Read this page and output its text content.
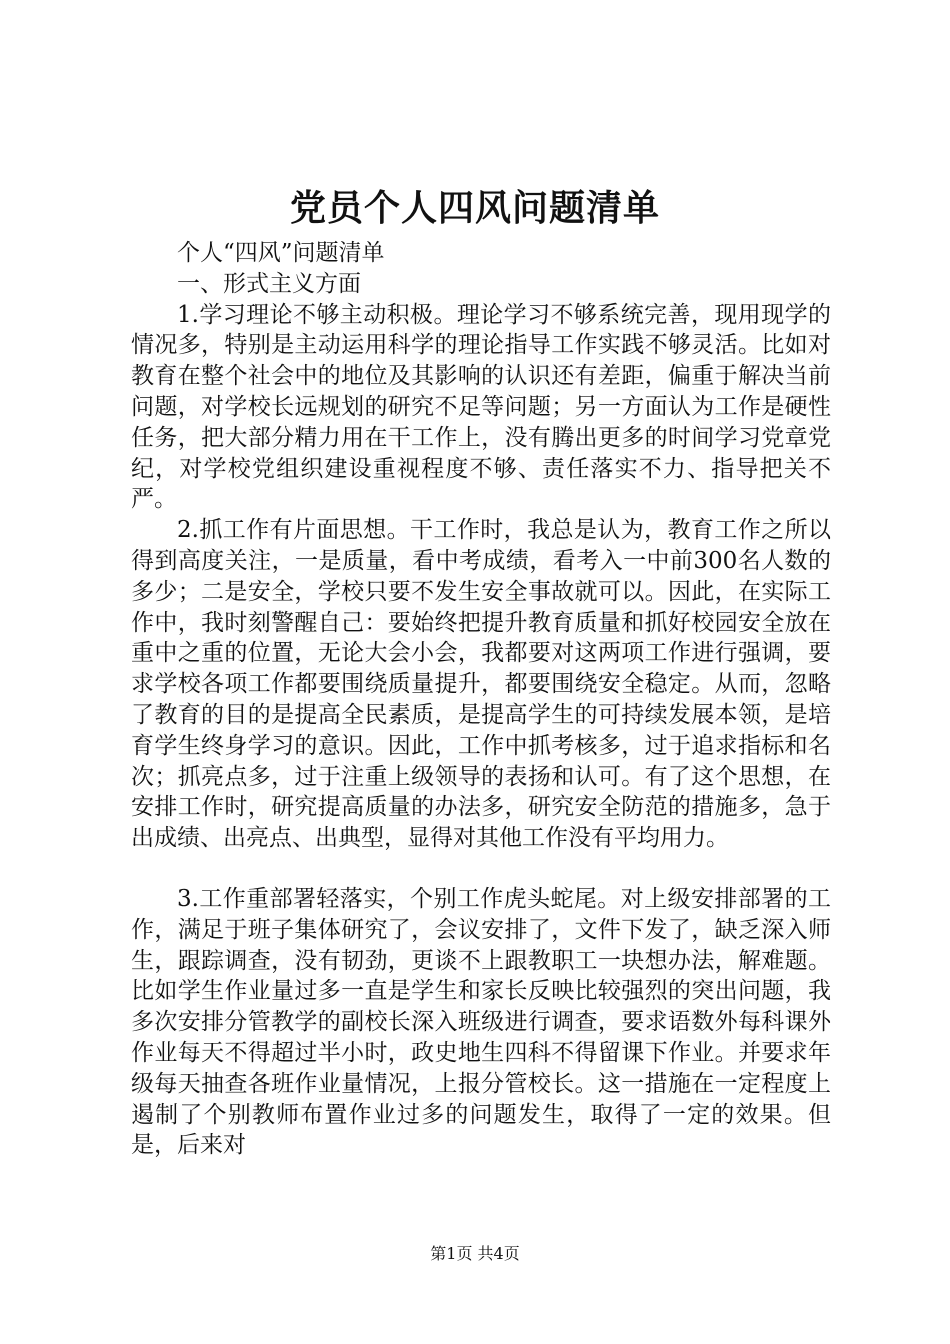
党员个人四风问题清单

个人“四风”问题清单

一、形式主义方面

1.学习理论不够主动积极。理论学习不够系统完善，现用现学的情况多，特别是主动运用科学的理论指导工作实践不够灵活。比如对教育在整个社会中的地位及其影响的认识还有差距，偏重于解决当前问题，对学校长远规划的研究不足等问题；另一方面认为工作是硬性任务，把大部分精力用在干工作上，没有腾出更多的时间学习党章党纪，对学校党组织建设重视程度不够、责任落实不力、指导把关不严。

2.抓工作有片面思想。干工作时，我总是认为，教育工作之所以得到高度关注，一是质量，看中考成绩，看考入一中前300名人数的多少；二是安全，学校只要不发生安全事故就可以。因此，在实际工作中，我时刻警醒自己：要始终把提升教育质量和抓好校园安全放在重中之重的位置，无论大会小会，我都要对这两项工作进行强调，要求学校各项工作都要围绕质量提升，都要围绕安全稳定。从而，忽略了教育的目的是提高全民素质，是提高学生的可持续发展本领，是培育学生终身学习的意识。因此，工作中抓考核多，过于追求指标和名次；抓亮点多，过于注重上级领导的表扬和认可。有了这个思想，在安排工作时，研究提高质量的办法多，研究安全防范的措施多，急于出成绩、出亮点、出典型，显得对其他工作没有平均用力。

3.工作重部署轻落实，个别工作虎头蛇尾。对上级安排部署的工作，满足于班子集体研究了，会议安排了，文件下发了，缺乏深入师生，跟踪调查，没有韧劲，更谈不上跟教职工一块想办法，解难题。比如学生作业量过多一直是学生和家长反映比较强烈的突出问题，我多次安排分管教学的副校长深入班级进行调查，要求语数外每科课外作业每天不得超过半小时，政史地生四科不得留课下作业。并要求年级每天抽查各班作业量情况，上报分管校长。这一措施在一定程度上遏制了个别教师布置作业过多的问题发生，取得了一定的效果。但是，后来对

第1页 共4页
